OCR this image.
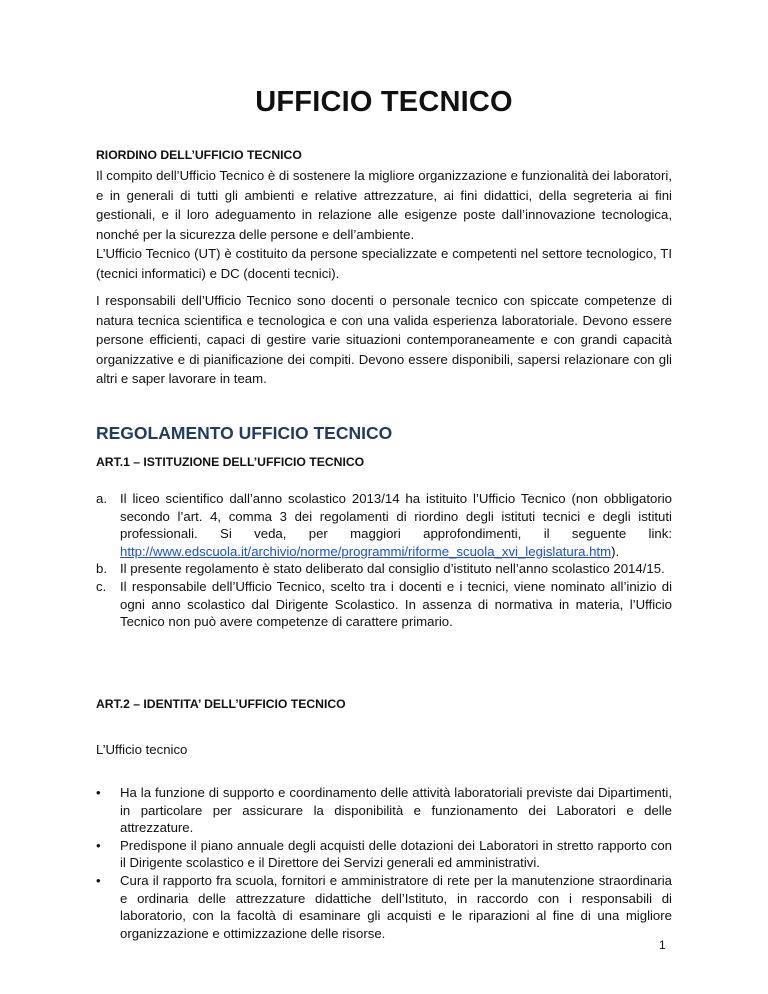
UFFICIO TECNICO
RIORDINO DELL’UFFICIO TECNICO

Il compito dell’Ufficio Tecnico è di sostenere la migliore organizzazione e funzionalità dei laboratori, e in generali di tutti gli ambienti e relative attrezzature, ai fini didattici, della segreteria ai fini gestionali, e il loro adeguamento in relazione alle esigenze poste dall’innovazione tecnologica, nonché per la sicurezza delle persone e dell’ambiente.

L’Ufficio Tecnico (UT) è costituito da persone specializzate e competenti nel settore tecnologico, TI (tecnici informatici) e DC (docenti tecnici).

I responsabili dell’Ufficio Tecnico sono docenti o personale tecnico con spiccate competenze di natura tecnica scientifica e tecnologica e con una valida esperienza laboratoriale. Devono essere persone efficienti, capaci di gestire varie situazioni contemporaneamente e con grandi capacità organizzative e di pianificazione dei compiti. Devono essere disponibili, sapersi relazionare con gli altri e saper lavorare in team.

REGOLAMENTO UFFICIO TECNICO
ART.1 – ISTITUZIONE DELL’UFFICIO TECNICO
a. Il liceo scientifico dall’anno scolastico 2013/14 ha istituito l’Ufficio Tecnico (non obbligatorio secondo l’art. 4, comma 3 dei regolamenti di riordino degli istituti tecnici e degli istituti professionali. Si veda, per maggiori approfondimenti, il seguente link: http://www.edscuola.it/archivio/norme/programmi/riforme_scuola_xvi_legislatura.htm).
b. Il presente regolamento è stato deliberato dal consiglio d’istituto nell’anno scolastico 2014/15.
c. Il responsabile dell’Ufficio Tecnico, scelto tra i docenti e i tecnici, viene nominato all’inizio di ogni anno scolastico dal Dirigente Scolastico. In assenza di normativa in materia, l’Ufficio Tecnico non può avere competenze di carattere primario.
ART.2 – IDENTITA’ DELL’UFFICIO TECNICO

L’Ufficio tecnico

• Ha la funzione di supporto e coordinamento delle attività laboratoriali previste dai Dipartimenti, in particolare per assicurare la disponibilità e funzionamento dei Laboratori e delle attrezzature.
• Predispone il piano annuale degli acquisti delle dotazioni dei Laboratori in stretto rapporto con il Dirigente scolastico e il Direttore dei Servizi generali ed amministrativi.
• Cura il rapporto fra scuola, fornitori e amministratore di rete per la manutenzione straordinaria e ordinaria delle attrezzature didattiche dell’Istituto, in raccordo con i responsabili di laboratorio, con la facoltà di esaminare gli acquisti e le riparazioni al fine di una migliore organizzazione e ottimizzazione delle risorse.
1
